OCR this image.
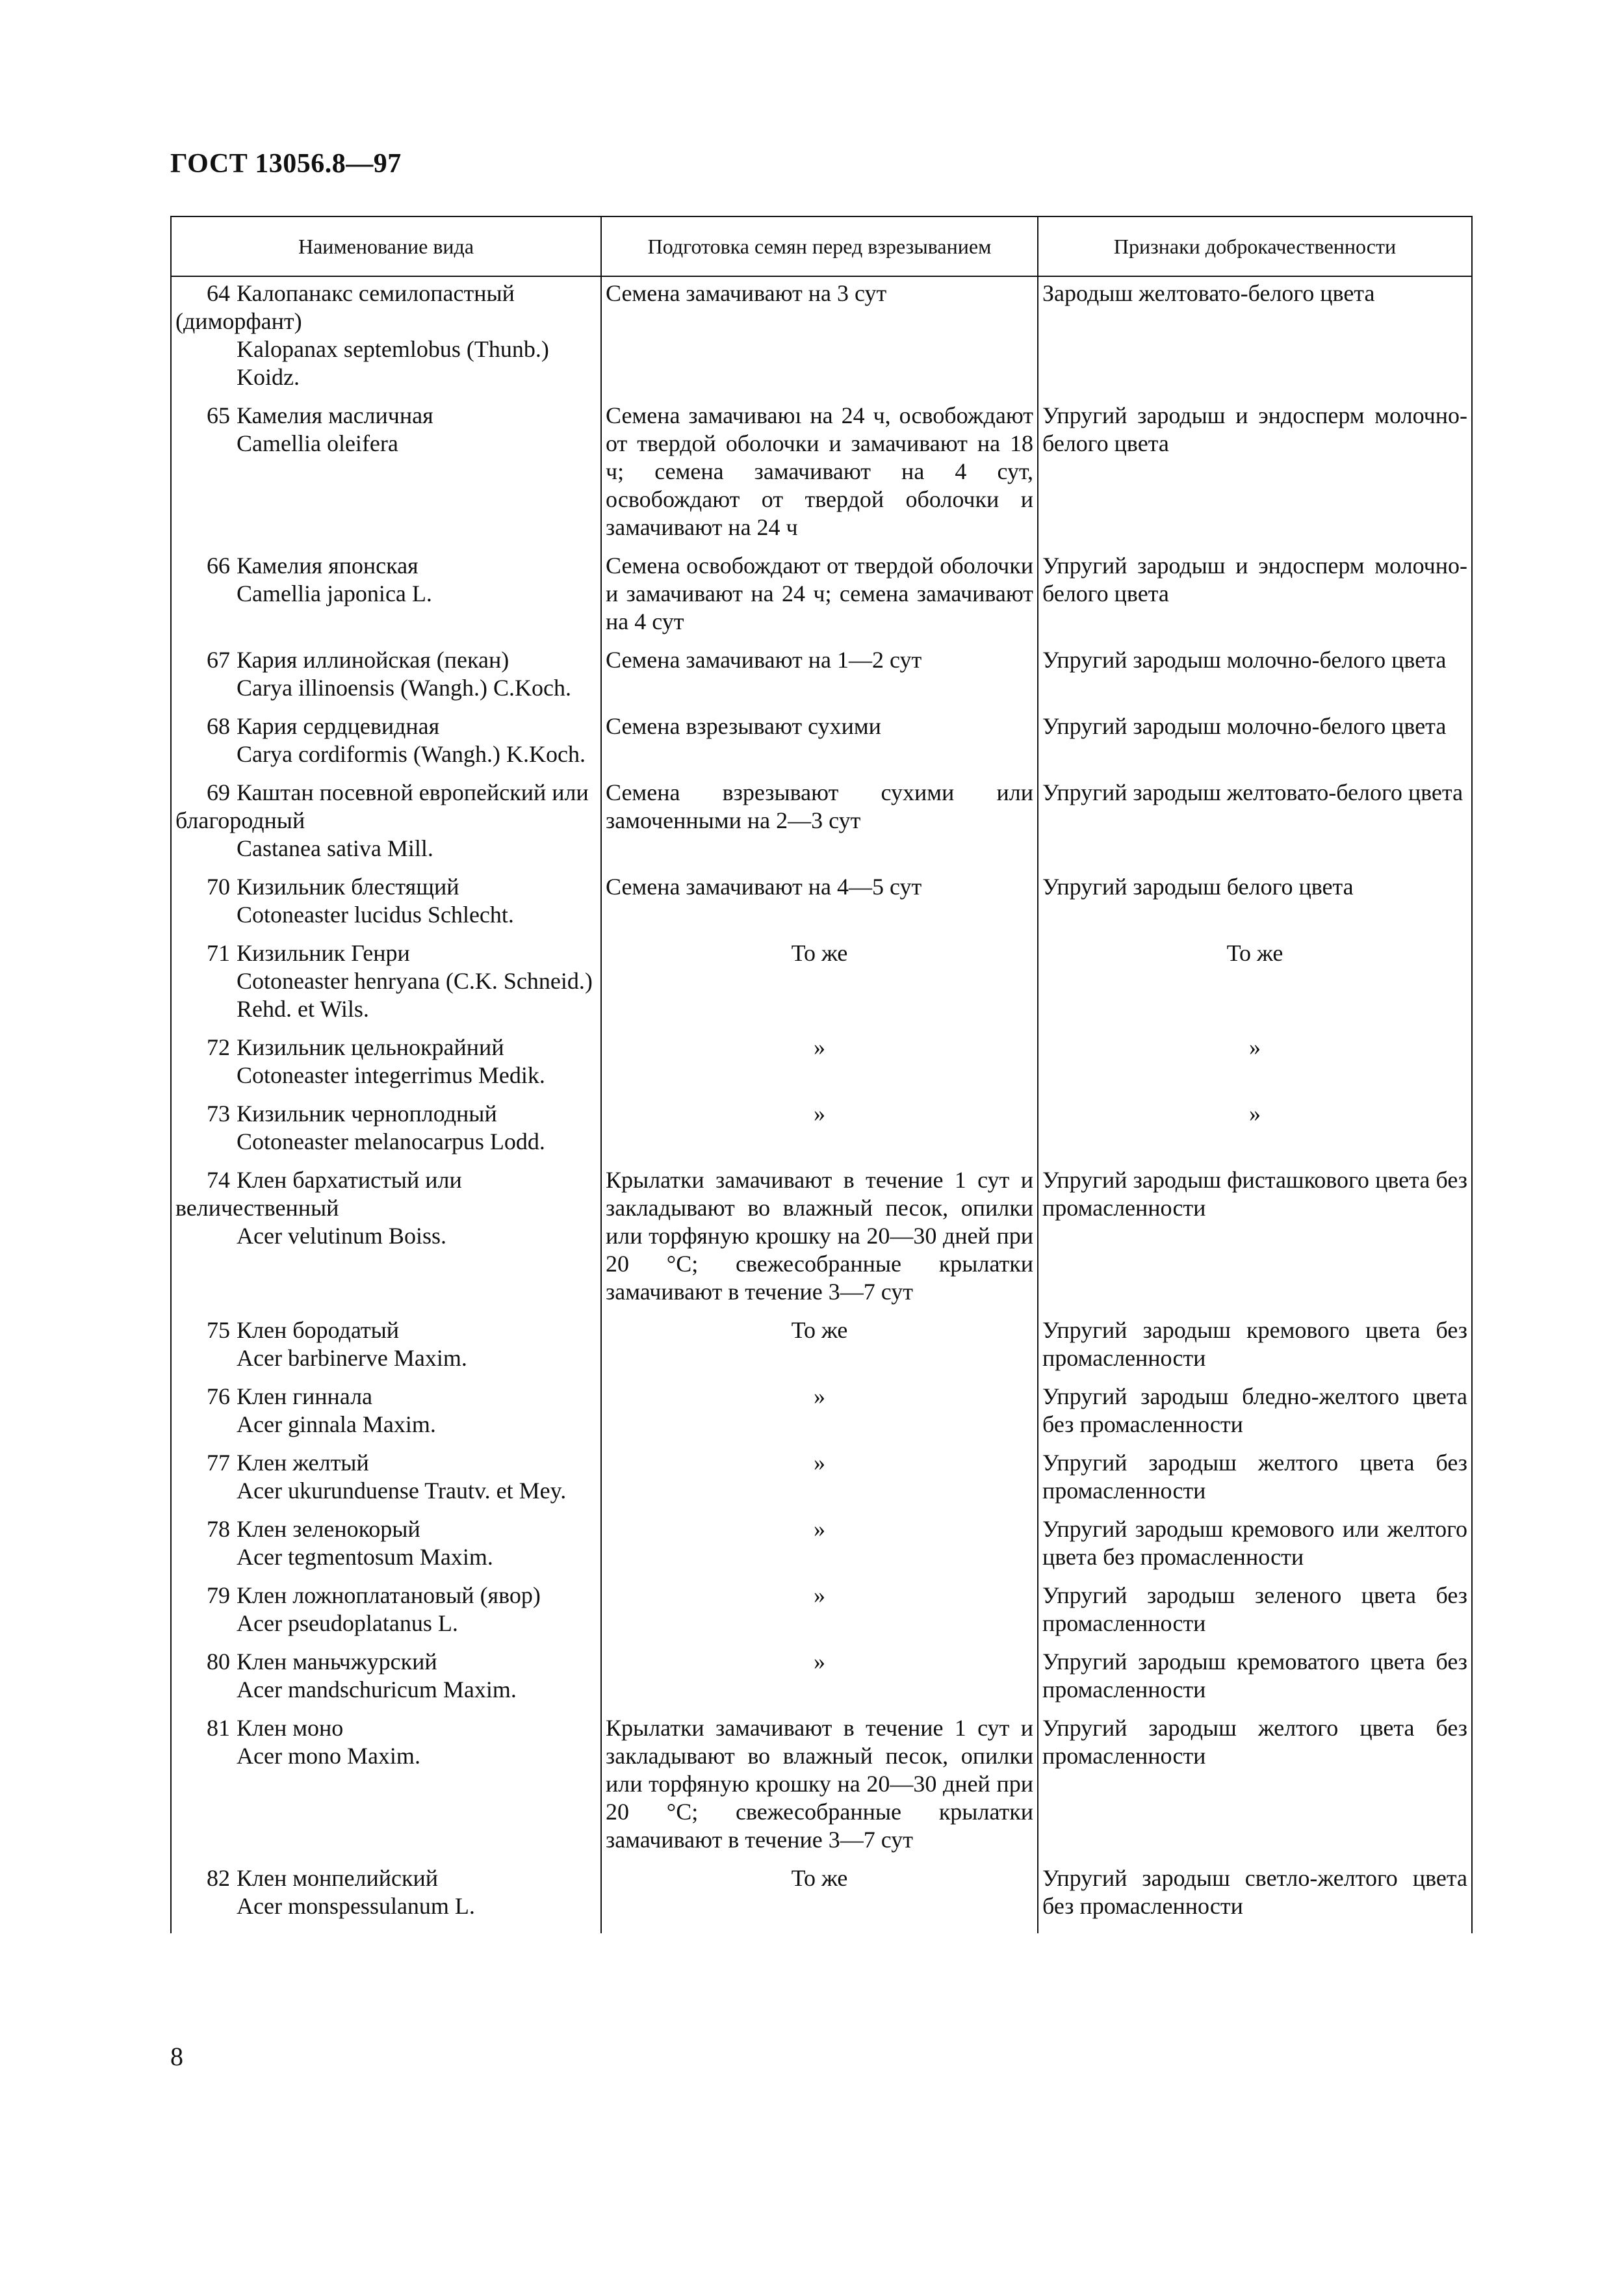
ГОСТ 13056.8—97
Наименование вида	Подготовка семян перед взрезыванием	Признаки доброкачественности
64 Калопанакс семилопастный (диморфант)
Kalopanax septemlobus (Thunb.) Koidz.	Семена замачивают на 3 сут	Зародыш желтовато-белого цвета
65 Камелия масличная
Camellia oleifera	Семена замачиваюı на 24 ч, освобождают от твердой оболочки и замачивают на 18 ч; семена замачивают на 4 сут, освобождают от твердой оболочки и замачивают на 24 ч	Упругий зародыш и эндосперм молочно-белого цвета
66 Камелия японская
Camellia japonica L.	Семена освобождают от твердой оболочки и замачивают на 24 ч; семена замачивают на 4 сут	Упругий зародыш и эндосперм молочно-белого цвета
67 Кария иллинойская (пекан)
Carya illinoensis (Wangh.) C.Koch.	Семена замачивают на 1—2 сут	Упругий зародыш молочно-белого цвета
68 Кария сердцевидная
Carya cordiformis (Wangh.) K.Koch.	Семена взрезывают сухими	Упругий зародыш молочно-белого цвета
69 Каштан посевной европейский или благородный
Castanea sativa Mill.	Семена взрезывают сухими или замоченными на 2—3 сут	Упругий зародыш желтовато-белого цвета
70 Кизильник блестящий
Cotoneaster lucidus Schlecht.	Семена замачивают на 4—5 сут	Упругий зародыш белого цвета
71 Кизильник Генри
Cotoneaster henryana (C.K. Schneid.) Rehd. et Wils.	То же	То же
72 Кизильник цельнокрайний
Cotoneaster integerrimus Medik.	»	»
73 Кизильник черноплодный
Cotoneaster melanocarpus Lodd.	»	»
74 Клен бархатистый или величественный
Acer velutinum Boiss.	Крылатки замачивают в течение 1 сут и закладывают во влажный песок, опилки или торфяную крошку на 20—30 дней при 20 °С; свежесобранные крылатки замачивают в течение 3—7 сут	Упругий зародыш фисташкового цвета без промасленности
75 Клен бородатый
Acer barbinerve Maxim.	То же	Упругий зародыш кремового цвета без промасленности
76 Клен гиннала
Acer ginnala Maxim.	»	Упругий зародыш бледно-желтого цвета без промасленности
77 Клен желтый
Acer ukurunduense Trautv. et Mey.	»	Упругий зародыш желтого цвета без промасленности
78 Клен зеленокорый
Acer tegmentosum Maxim.	»	Упругий зародыш кремового или желтого цвета без промасленности
79 Клен ложноплатановый (явор)
Acer pseudoplatanus L.	»	Упругий зародыш зеленого цвета без промасленности
80 Клен маньчжурский
Acer mandschuricum Maxim.	»	Упругий зародыш кремоватого цвета без промасленности
81 Клен моно
Acer mono Maxim.	Крылатки замачивают в течение 1 сут и закладывают во влажный песок, опилки или торфяную крошку на 20—30 дней при 20 °С; свежесобранные крылатки замачивают в течение 3—7 сут	Упругий зародыш желтого цвета без промасленности
82 Клен монпелийский
Acer monspessulanum L.	То же	Упругий зародыш светло-желтого цвета без промасленности
8
